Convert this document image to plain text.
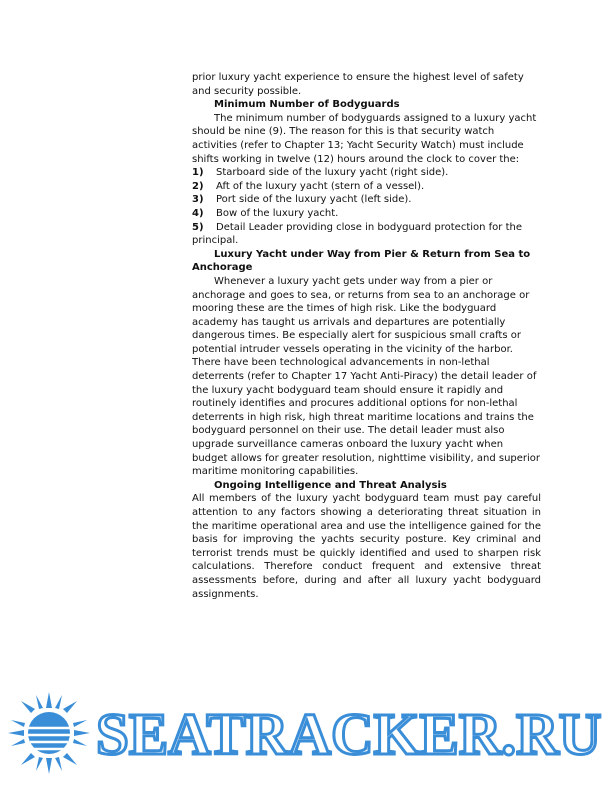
prior luxury yacht experience to ensure the highest level of safety and security possible.

Minimum Number of Bodyguards

The minimum number of bodyguards assigned to a luxury yacht should be nine (9). The reason for this is that security watch activities (refer to Chapter 13; Yacht Security Watch) must include shifts working in twelve (12) hours around the clock to cover the:

1) Starboard side of the luxury yacht (right side).
2) Aft of the luxury yacht (stern of a vessel).
3) Port side of the luxury yacht (left side).
4) Bow of the luxury yacht.
5) Detail Leader providing close in bodyguard protection for the principal.

Luxury Yacht under Way from Pier & Return from Sea to Anchorage

Whenever a luxury yacht gets under way from a pier or anchorage and goes to sea, or returns from sea to an anchorage or mooring these are the times of high risk. Like the bodyguard academy has taught us arrivals and departures are potentially dangerous times. Be especially alert for suspicious small crafts or potential intruder vessels operating in the vicinity of the harbor. There have been technological advancements in non-lethal deterrents (refer to Chapter 17 Yacht Anti-Piracy) the detail leader of the luxury yacht bodyguard team should ensure it rapidly and routinely identifies and procures additional options for non-lethal deterrents in high risk, high threat maritime locations and trains the bodyguard personnel on their use. The detail leader must also upgrade surveillance cameras onboard the luxury yacht when budget allows for greater resolution, nighttime visibility, and superior maritime monitoring capabilities.

Ongoing Intelligence and Threat Analysis

All members of the luxury yacht bodyguard team must pay careful attention to any factors showing a deteriorating threat situation in the maritime operational area and use the intelligence gained for the basis for improving the yachts security posture. Key criminal and terrorist trends must be quickly identified and used to sharpen risk calculations. Therefore conduct frequent and extensive threat assessments before, during and after all luxury yacht bodyguard assignments.

SEATRACKER.RU
